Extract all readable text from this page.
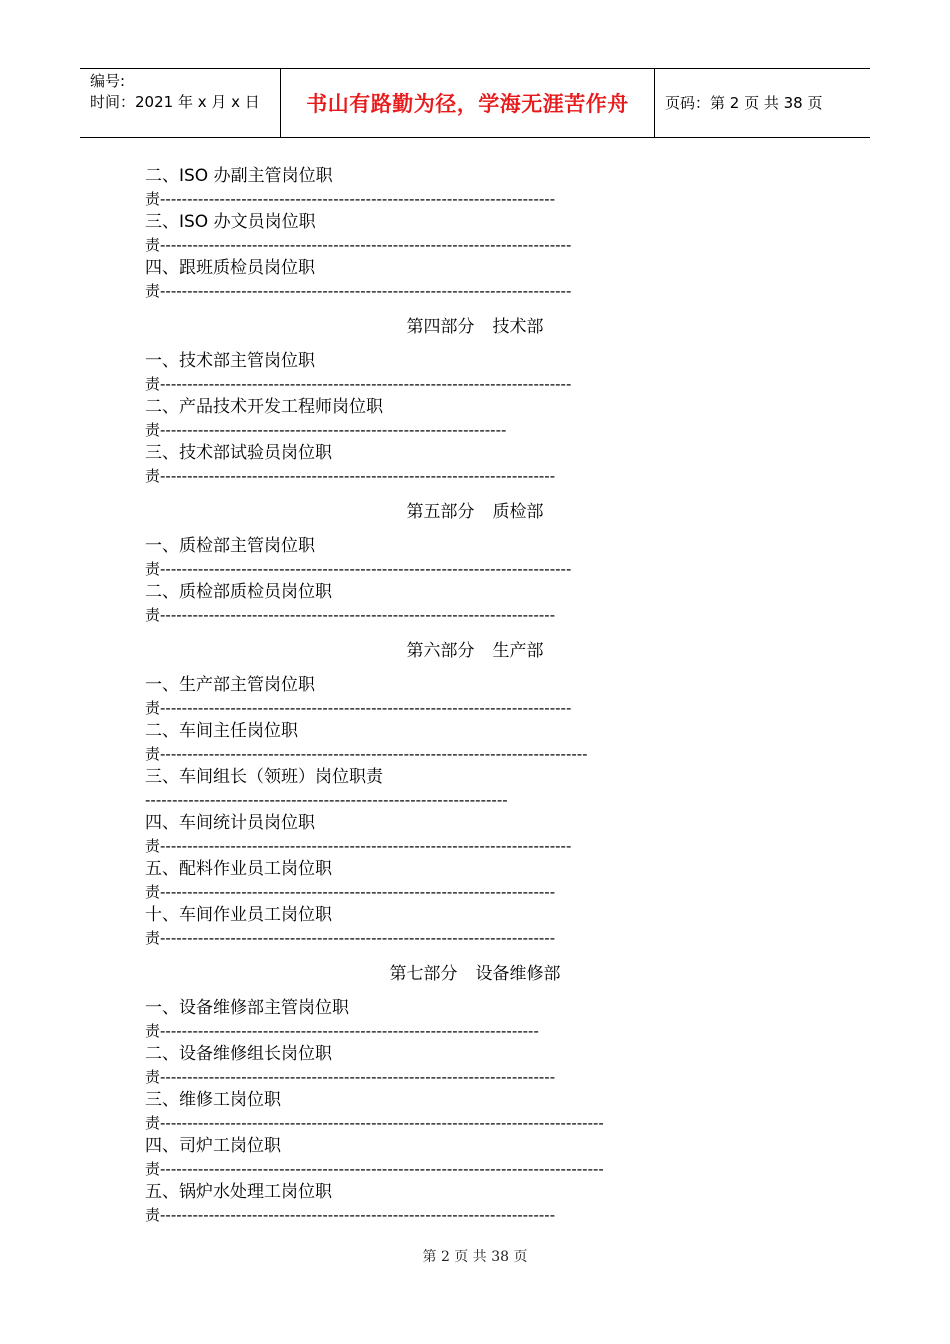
编号:
时间：2021 年 x 月 x 日	书山有路勤为径，学海无涯苦作舟	页码：第 2 页 共 38 页
二、ISO 办副主管岗位职
责-------------------------------------------------------------------------
三、ISO 办文员岗位职
责----------------------------------------------------------------------------
四、跟班质检员岗位职
责----------------------------------------------------------------------------
第四部分 技术部
一、技术部主管岗位职
责----------------------------------------------------------------------------
二、产品技术开发工程师岗位职
责----------------------------------------------------------------
三、技术部试验员岗位职
责-------------------------------------------------------------------------
第五部分 质检部
一、质检部主管岗位职
责----------------------------------------------------------------------------
二、质检部质检员岗位职
责-------------------------------------------------------------------------
第六部分 生产部
一、生产部主管岗位职
责----------------------------------------------------------------------------
二、车间主任岗位职
责-------------------------------------------------------------------------------
三、车间组长（领班）岗位职责
-------------------------------------------------------------------
四、车间统计员岗位职
责----------------------------------------------------------------------------
五、配料作业员工岗位职
责-------------------------------------------------------------------------
十、车间作业员工岗位职
责-------------------------------------------------------------------------
第七部分 设备维修部
一、设备维修部主管岗位职
责----------------------------------------------------------------------
二、设备维修组长岗位职
责-------------------------------------------------------------------------
三、维修工岗位职
责----------------------------------------------------------------------------------
四、司炉工岗位职
责----------------------------------------------------------------------------------
五、锅炉水处理工岗位职
责-------------------------------------------------------------------------
第 2 页 共 38 页
